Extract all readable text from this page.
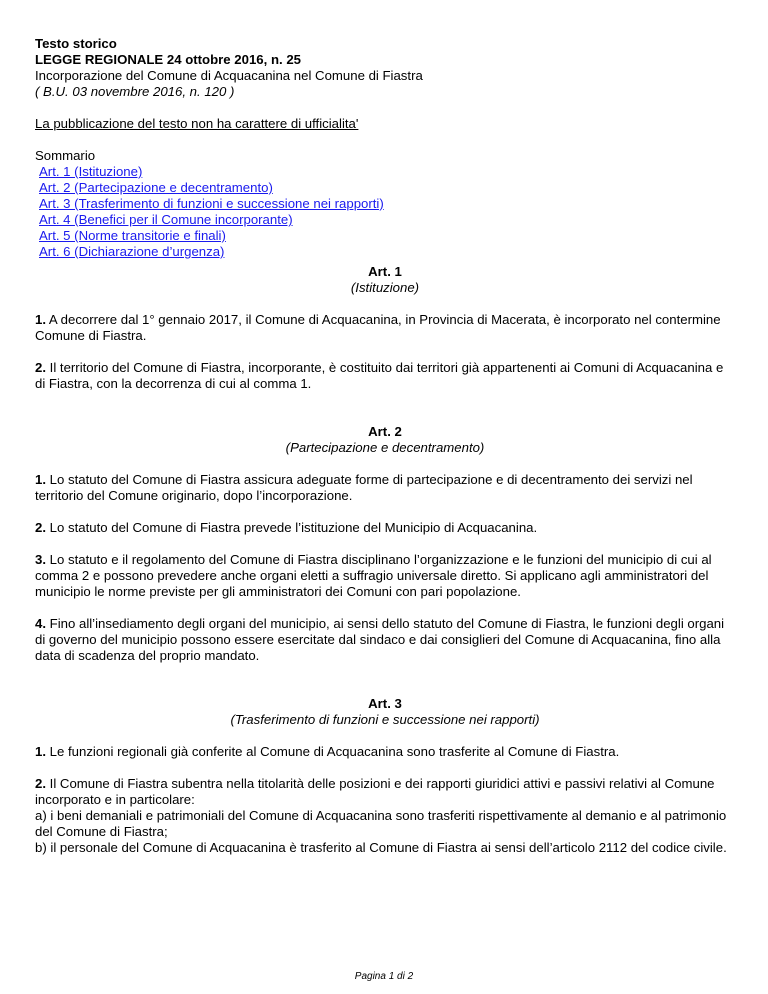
Testo storico
LEGGE REGIONALE 24 ottobre 2016, n. 25
Incorporazione del Comune di Acquacanina nel Comune di Fiastra
( B.U. 03 novembre 2016, n. 120 )
La pubblicazione del testo non ha carattere di ufficialita'
Sommario
Art. 1 (Istituzione)
Art. 2 (Partecipazione e decentramento)
Art. 3 (Trasferimento di funzioni e successione nei rapporti)
Art. 4 (Benefici per il Comune incorporante)
Art. 5 (Norme transitorie e finali)
Art. 6 (Dichiarazione d’urgenza)
Art. 1
(Istituzione)

1. A decorrere dal 1° gennaio 2017, il Comune di Acquacanina, in Provincia di Macerata, è incorporato nel contermine Comune di Fiastra.

2. Il territorio del Comune di Fiastra, incorporante, è costituito dai territori già appartenenti ai Comuni di Acquacanina e di Fiastra, con la decorrenza di cui al comma 1.

Art. 2
(Partecipazione e decentramento)

1. Lo statuto del Comune di Fiastra assicura adeguate forme di partecipazione e di decentramento dei servizi nel territorio del Comune originario, dopo l’incorporazione.

2. Lo statuto del Comune di Fiastra prevede l’istituzione del Municipio di Acquacanina.

3. Lo statuto e il regolamento del Comune di Fiastra disciplinano l’organizzazione e le funzioni del municipio di cui al comma 2 e possono prevedere anche organi eletti a suffragio universale diretto. Si applicano agli amministratori del municipio le norme previste per gli amministratori dei Comuni con pari popolazione.

4. Fino all’insediamento degli organi del municipio, ai sensi dello statuto del Comune di Fiastra, le funzioni degli organi di governo del municipio possono essere esercitate dal sindaco e dai consiglieri del Comune di Acquacanina, fino alla data di scadenza del proprio mandato.

Art. 3
(Trasferimento di funzioni e successione nei rapporti)

1. Le funzioni regionali già conferite al Comune di Acquacanina sono trasferite al Comune di Fiastra.

2. Il Comune di Fiastra subentra nella titolarità delle posizioni e dei rapporti giuridici attivi e passivi relativi al Comune incorporato e in particolare:

a) i beni demaniali e patrimoniali del Comune di Acquacanina sono trasferiti rispettivamente al demanio e al patrimonio del Comune di Fiastra;

b) il personale del Comune di Acquacanina è trasferito al Comune di Fiastra ai sensi dell’articolo 2112 del codice civile.

Pagina 1 di 2
